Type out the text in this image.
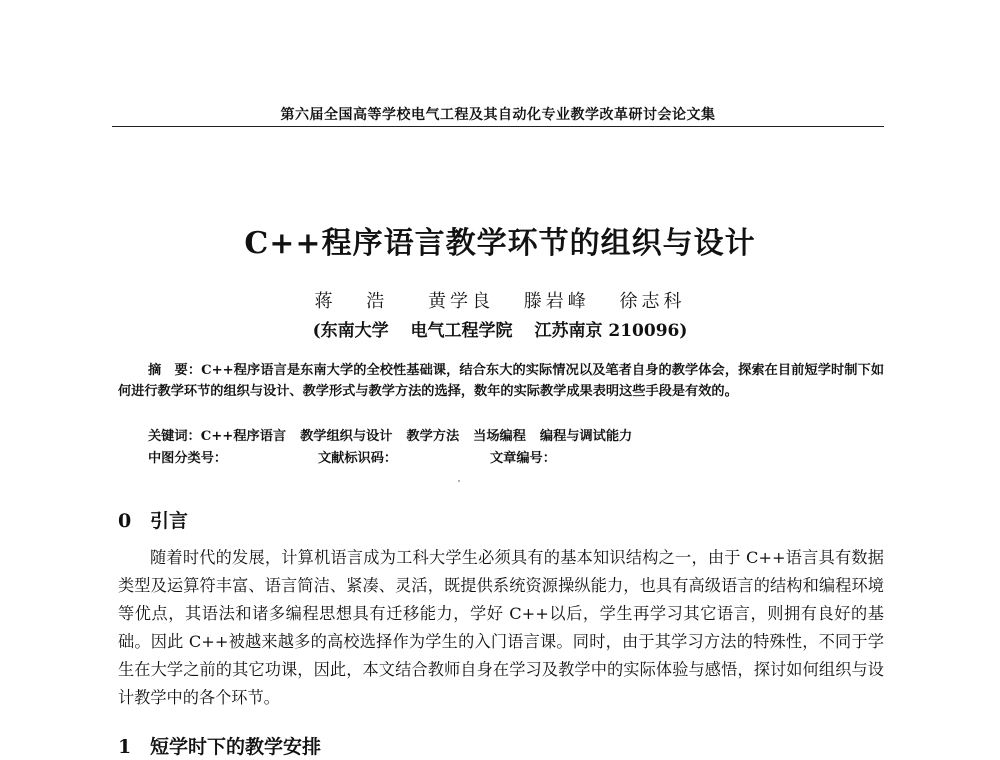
第六届全国高等学校电气工程及其自动化专业教学改革研讨会论文集
C++程序语言教学环节的组织与设计
蒋 浩 黄学良 滕岩峰 徐志科
(东南大学 电气工程学院 江苏南京 210096)
摘　要：C++程序语言是东南大学的全校性基础课，结合东大的实际情况以及笔者自身的教学体会，探索在目前短学时制下如何进行教学环节的组织与设计、教学形式与教学方法的选择，数年的实际教学成果表明这些手段是有效的。
关键词：C++程序语言 教学组织与设计 教学方法 当场编程 编程与调试能力
中图分类号：	文献标识码：	文章编号：
0 引言

随着时代的发展，计算机语言成为工科大学生必须具有的基本知识结构之一，由于 C++语言具有数据类型及运算符丰富、语言简洁、紧凑、灵活，既提供系统资源操纵能力，也具有高级语言的结构和编程环境等优点，其语法和诸多编程思想具有迁移能力，学好 C++以后，学生再学习其它语言，则拥有良好的基础。因此 C++被越来越多的高校选择作为学生的入门语言课。同时，由于其学习方法的特殊性，不同于学生在大学之前的其它功课，因此，本文结合教师自身在学习及教学中的实际体验与感悟，探讨如何组织与设计教学中的各个环节。

1 短学时下的教学安排
